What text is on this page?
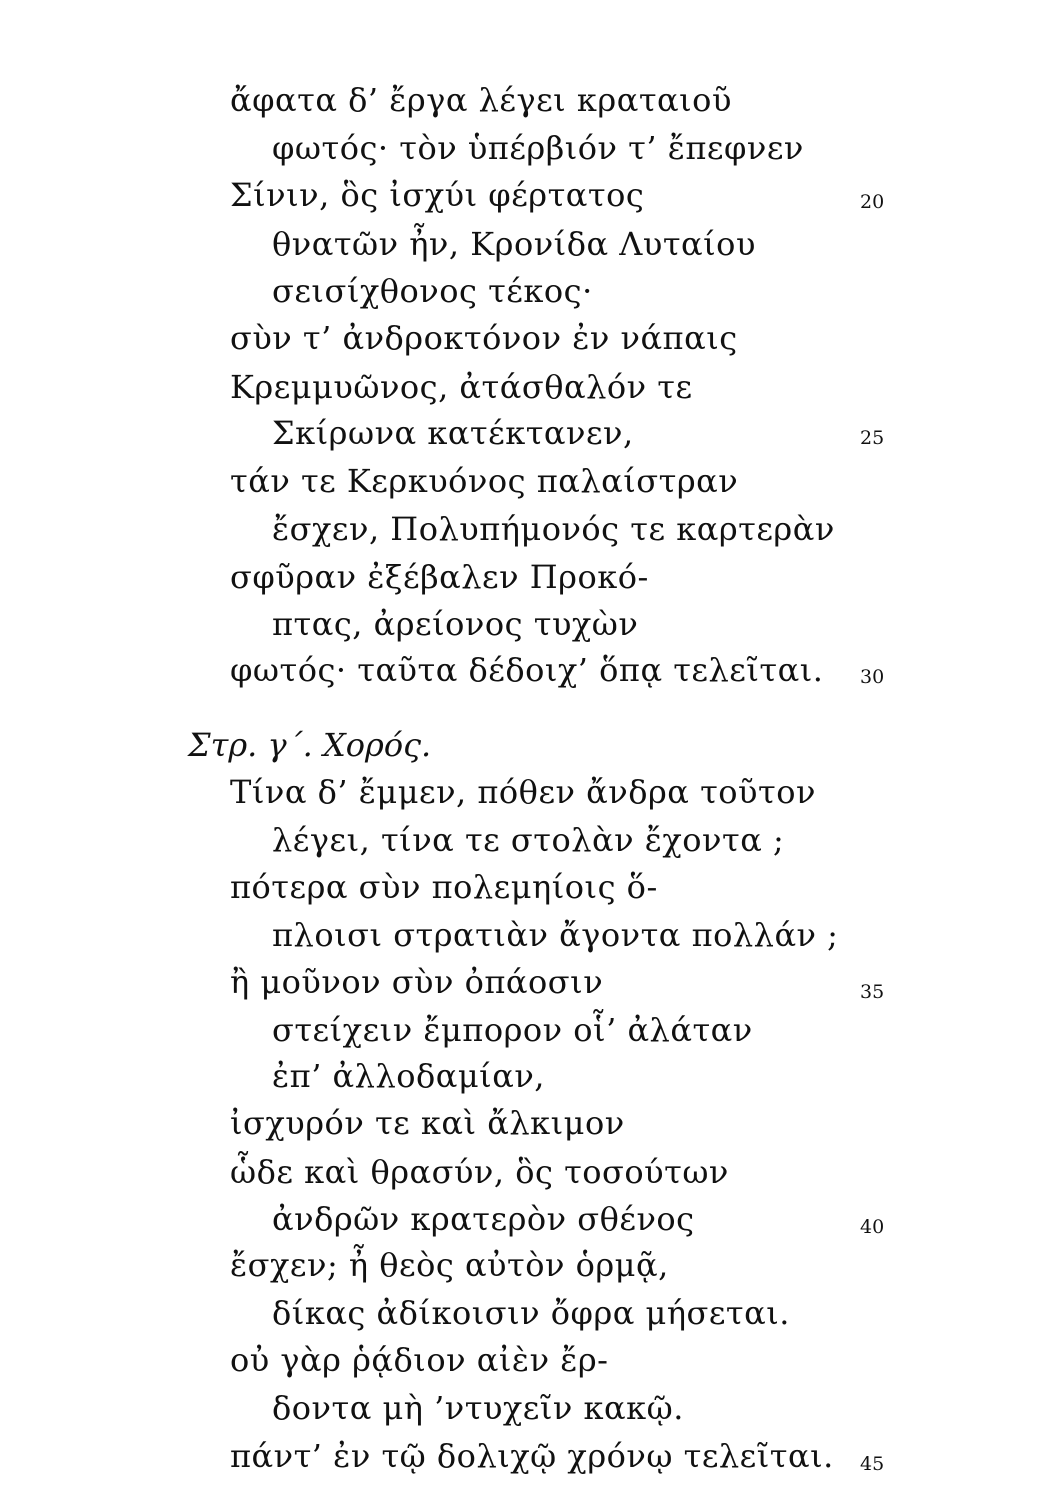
ἄφατα δ’ ἔργα λέγει κραταιοῦ
φωτός· τὸν ὑπέρβιόν τ’ ἔπεφνεν
Σίνιν, ὃς ἰσχύι φέρτατος
θνατῶν ἦν, Κρονίδα Λυταίου
σεισίχθονος τέκος·
σὺν τ’ ἀνδροκτόνον ἐν νάπαις
Κρεμμυῶνος, ἀτάσθαλόν τε
Σκίρωνα κατέκτανεν,
τάν τε Κερκυόνος παλαίστραν
ἔσχεν, Πολυπήμονός τε καρτερὰν
σφῦραν ἐξέβαλεν Προκό-
πτας, ἀρείονος τυχὼν
φωτός· ταῦτα δέδοιχ’ ὅπᾳ τελεῖται.
Στρ. γ΄. Χορός.
Τίνα δ’ ἔμμεν, πόθεν ἄνδρα τοῦτον
λέγει, τίνα τε στολὰν ἔχοντα ;
πότερα σὺν πολεμηίοις ὅ-
πλοισι στρατιὰν ἄγοντα πολλάν ;
ἢ μοῦνον σὺν ὀπάοσιν
στείχειν ἔμπορον οἷ’ ἀλάταν
ἐπ’ ἀλλοδαμίαν,
ἰσχυρόν τε καὶ ἄλκιμον
ὧδε καὶ θρασύν, ὃς τοσούτων
ἀνδρῶν κρατερὸν σθένος
ἔσχεν; ἦ θεὸς αὐτὸν ὁρμᾷ,
δίκας ἀδίκοισιν ὄφρα μήσεται.
οὐ γὰρ ῥᾴδιον αἰὲν ἔρ-
δοντα μὴ ’ντυχεῖν κακῷ.
πάντ’ ἐν τῷ δολιχῷ χρόνῳ τελεῖται.
20
25
30
35
40
45
